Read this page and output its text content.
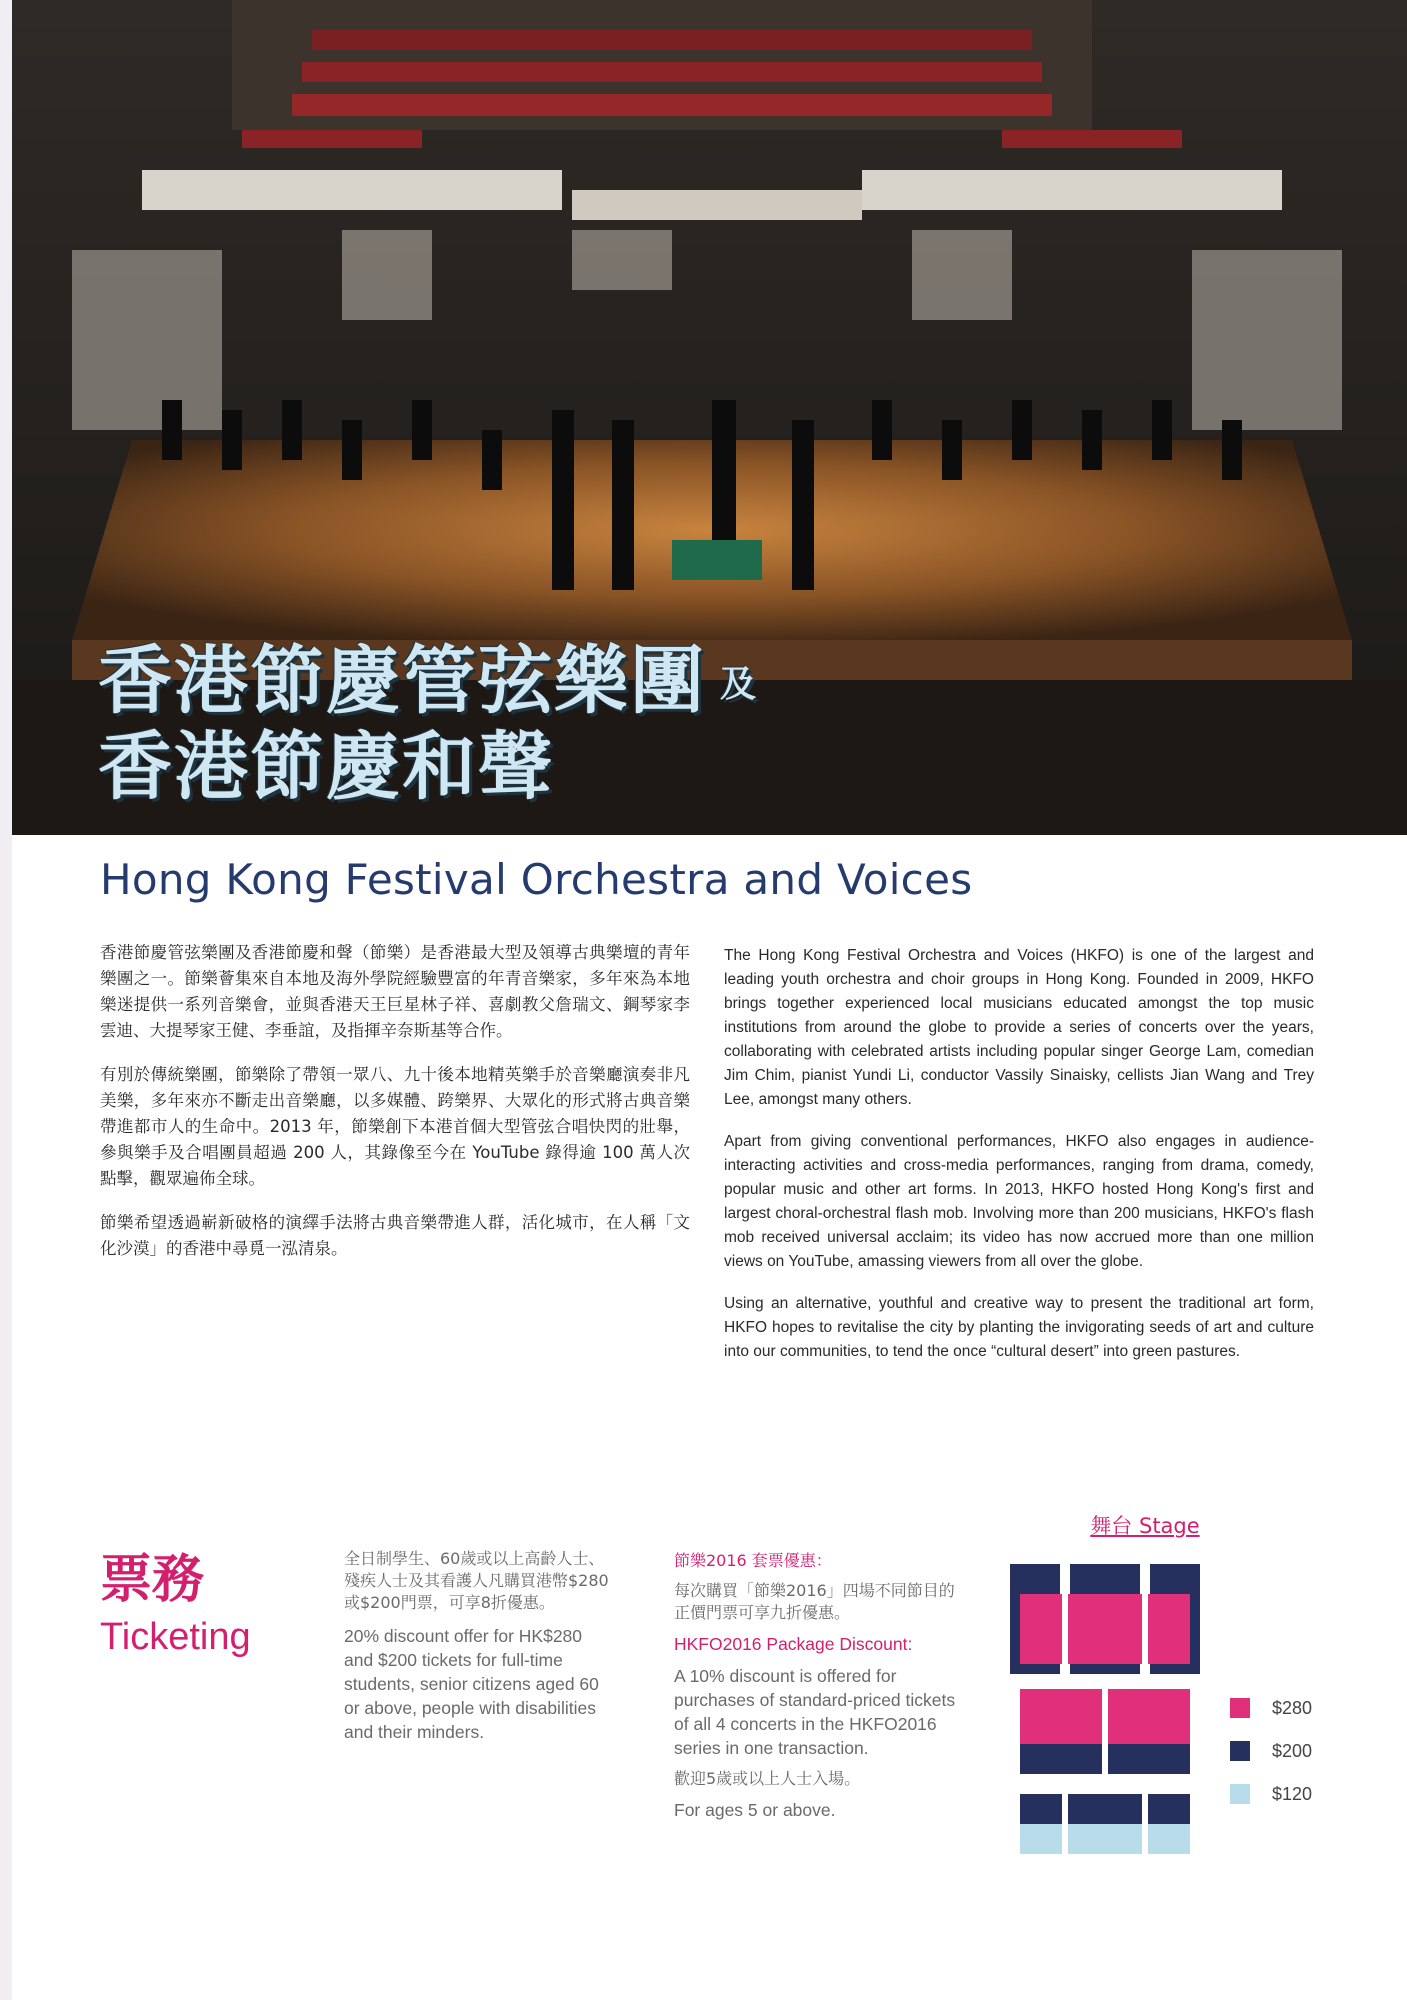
香港節慶管弦樂團 及
香港節慶和聲
Hong Kong Festival Orchestra and Voices

香港節慶管弦樂團及香港節慶和聲（節樂）是香港最大型及領導古典樂壇的青年樂團之一。節樂薈集來自本地及海外學院經驗豐富的年青音樂家，多年來為本地樂迷提供一系列音樂會，並與香港天王巨星林子祥、喜劇教父詹瑞文、鋼琴家李雲迪、大提琴家王健、李垂誼，及指揮辛奈斯基等合作。

有別於傳統樂團，節樂除了帶領一眾八、九十後本地精英樂手於音樂廳演奏非凡美樂，多年來亦不斷走出音樂廳，以多媒體、跨樂界、大眾化的形式將古典音樂帶進都市人的生命中。2013 年，節樂創下本港首個大型管弦合唱快閃的壯舉，參與樂手及合唱團員超過 200 人，其錄像至今在 YouTube 錄得逾 100 萬人次點擊，觀眾遍佈全球。

節樂希望透過嶄新破格的演繹手法將古典音樂帶進人群，活化城市，在人稱「文化沙漠」的香港中尋覓一泓清泉。

The Hong Kong Festival Orchestra and Voices (HKFO) is one of the largest and leading youth orchestra and choir groups in Hong Kong. Founded in 2009, HKFO brings together experienced local musicians educated amongst the top music institutions from around the globe to provide a series of concerts over the years, collaborating with celebrated artists including popular singer George Lam, comedian Jim Chim, pianist Yundi Li, conductor Vassily Sinaisky, cellists Jian Wang and Trey Lee, amongst many others.

Apart from giving conventional performances, HKFO also engages in audience-interacting activities and cross-media performances, ranging from drama, comedy, popular music and other art forms. In 2013, HKFO hosted Hong Kong's first and largest choral-orchestral flash mob. Involving more than 200 musicians, HKFO's flash mob received universal acclaim; its video has now accrued more than one million views on YouTube, amassing viewers from all over the globe.

Using an alternative, youthful and creative way to present the traditional art form, HKFO hopes to revitalise the city by planting the invigorating seeds of art and culture into our communities, to tend the once “cultural desert” into green pastures.

票務
Ticketing

全日制學生、60歲或以上高齡人士、殘疾人士及其看護人凡購買港幣$280或$200門票，可享8折優惠。

20% discount offer for HK$280 and $200 tickets for full-time students, senior citizens aged 60 or above, people with disabilities and their minders.

節樂2016 套票優惠：

每次購買「節樂2016」四場不同節目的正價門票可享九折優惠。

HKFO2016 Package Discount:

A 10% discount is offered for purchases of standard-priced tickets of all 4 concerts in the HKFO2016 series in one transaction.

歡迎5歲或以上人士入場。

For ages 5 or above.

舞台 Stage
$280
$200
$120
